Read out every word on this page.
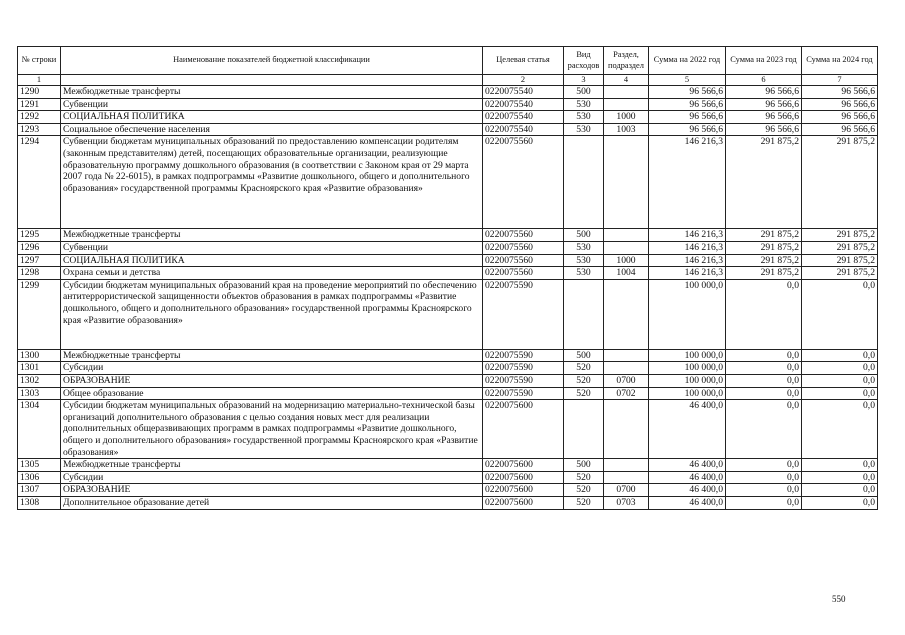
№ строки	Наименование показателей бюджетной классификации	Целевая статья	Вид расходов	Раздел, подраздел	Сумма на 2022 год	Сумма на 2023 год	Сумма на 2024 год
1		2	3	4	5	6	7
1290	Межбюджетные трансферты	0220075540	500		96 566,6	96 566,6	96 566,6
1291	Субвенции	0220075540	530		96 566,6	96 566,6	96 566,6
1292	СОЦИАЛЬНАЯ ПОЛИТИКА	0220075540	530	1000	96 566,6	96 566,6	96 566,6
1293	Социальное обеспечение населения	0220075540	530	1003	96 566,6	96 566,6	96 566,6
1294	Субвенции бюджетам муниципальных образований по предоставлению компенсации родителям (законным представителям) детей, посещающих образовательные организации, реализующие образовательную программу дошкольного образования (в соответствии с Законом края от 29 марта 2007 года № 22-6015), в рамках подпрограммы «Развитие дошкольного, общего и дополнительного образования» государственной программы Красноярского края «Развитие образования»	0220075560			146 216,3	291 875,2	291 875,2
1295	Межбюджетные трансферты	0220075560	500		146 216,3	291 875,2	291 875,2
1296	Субвенции	0220075560	530		146 216,3	291 875,2	291 875,2
1297	СОЦИАЛЬНАЯ ПОЛИТИКА	0220075560	530	1000	146 216,3	291 875,2	291 875,2
1298	Охрана семьи и детства	0220075560	530	1004	146 216,3	291 875,2	291 875,2
1299	Субсидии бюджетам муниципальных образований края на проведение мероприятий по обеспечению антитеррористической защищенности объектов образования в рамках подпрограммы «Развитие дошкольного, общего и дополнительного образования» государственной программы Красноярского края «Развитие образования»	0220075590			100 000,0	0,0	0,0
1300	Межбюджетные трансферты	0220075590	500		100 000,0	0,0	0,0
1301	Субсидии	0220075590	520		100 000,0	0,0	0,0
1302	ОБРАЗОВАНИЕ	0220075590	520	0700	100 000,0	0,0	0,0
1303	Общее образование	0220075590	520	0702	100 000,0	0,0	0,0
1304	Субсидии бюджетам муниципальных образований на модернизацию материально-технической базы организаций дополнительного образования с целью создания новых мест для реализации дополнительных общеразвивающих программ в рамках подпрограммы «Развитие дошкольного, общего и дополнительного образования» государственной программы Красноярского края «Развитие образования»	0220075600			46 400,0	0,0	0,0
1305	Межбюджетные трансферты	0220075600	500		46 400,0	0,0	0,0
1306	Субсидии	0220075600	520		46 400,0	0,0	0,0
1307	ОБРАЗОВАНИЕ	0220075600	520	0700	46 400,0	0,0	0,0
1308	Дополнительное образование детей	0220075600	520	0703	46 400,0	0,0	0,0
550
